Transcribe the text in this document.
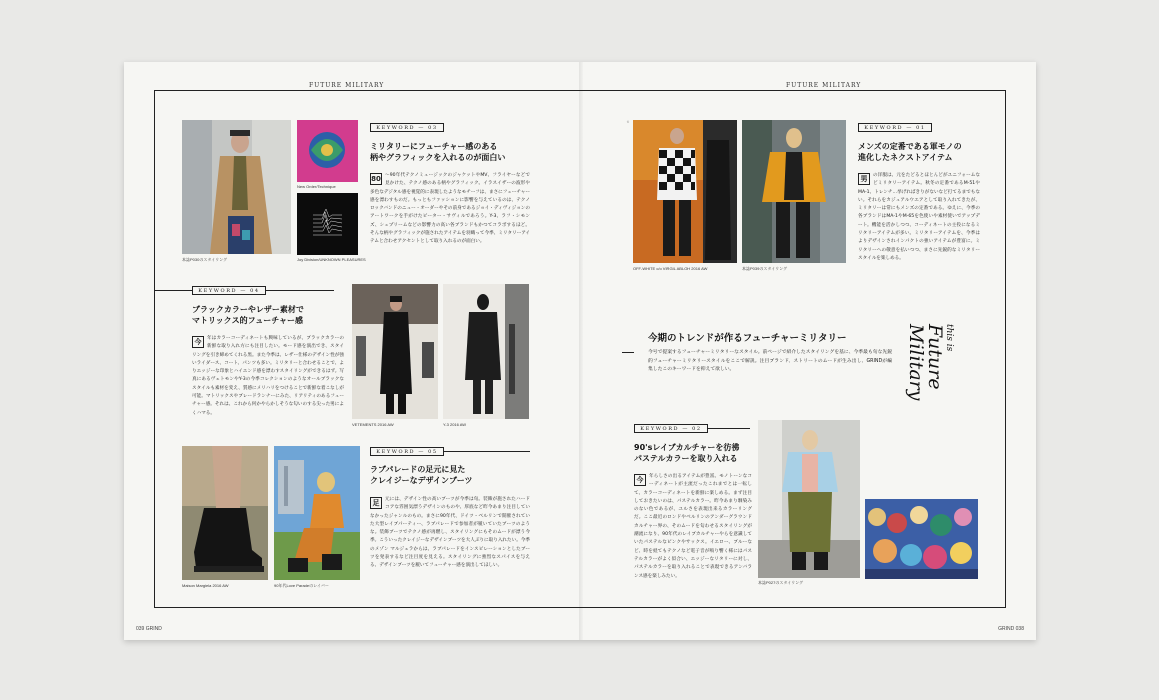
FUTURE MILITARY	FUTURE MILITARY
New Order/Technique
本誌P030のスタイリング	Joy Division/UNKNOWN PLEASURES
KEYWORD — 03
ミリタリーにフューチャー感のある
柄やグラフィックを入れるのが面白い
80 〜90年代テクノミュージックのジャケットやMV、フライヤーなどで見かけた、テクノ感のある柄やグラフィック。イラスイザーの波形や多色なデジタル感を視覚的に表現したようなモチーフは、まさにフューチャー感を漂わすものだ。もっともファッションに影響を与えているのは、テクノロックバンドのニュー・オーダーやその前身であるジョイ・ディヴィジョンのアートワークを手がけたピーター・サヴィルであろう。Y-3、ラフ・シモンズ、シュプリームなどの影響力の高い各ブランドもかつてコラボするほど。そんな柄やグラフィックが施されたアイテムを羽織って今季、ミリタリーアイテムと合わせアクセントとして取り入れるのが面白い。
KEYWORD — 04
ブラックカラーやレザー素材で
マトリックス的フューチャー感
今	年はカラーコーディネートも興味しているが、ブラックカラーの新鮮な取り入れ方にも注目したい。モード感を演出でき、スタイリングを引き締めてくれる黒。また今季は、レザー仕様のデザイン性が強いライダース、コート、パンツも多い。ミリタリーと合わせることで、よりエッジーな印象とハイエンド感を漂わすスタイリングができるはず。写真にあるヴェトモンやY-3の今季コレクションのようなオールブラックなスタイルも素材を変え、質感にメリハリをつけることで新鮮な着こなしが可能。マトリックスやブレードランナーにみた、リアリティのあるフューチャー感。それは、これから何かやらかしそうな匂いのする尖った男によくハマる。
VETEMENTS 2016 AW	Y-3 2016 AW
Maison Margiela 2016 AW	90年代Love Paradeのレイバー
KEYWORD — 05
ラブパレードの足元に見た
クレイジーなデザインブーツ
足	元には、デザイン性の高いブーツが今季は旬。装飾が施されたハードコアな雰囲気漂うデザインのものや、厚底など昨今あまり注目していなかったジャンルのもの。まさに90年代、ドイツ・ベルリンで開催されていた大型レイブパーティー、ラブパレードで参加者が履いていたブーツのような。装飾ブーツでテクノ感が再燃し、スタイリングにもそのムードが漂う今季。こういったクレイジーなデザインブーツを大人ぶりに取り入れたい。今季のメゾン マルジェラからは、ラブパレードをインスピレーションとしたブーツを発表するなど注目度を見える。スタイリングに強烈なスパイスを与える、デザインブーツを履いてフューチャー感を演出してほしい。
©
OFF-WHITE c/o VIRGIL ABLOH 2016 AW	本誌P039のスタイリング
KEYWORD — 01
メンズの定番である軍モノの
進化したネクストアイテム
男	の洋服は、元をたどるとほとんどがユニフォームなどミリタリーアイテム。秋冬の定番であるM-51やMA-1、トレンチ…挙げればきりがないなど打てるまでもない。それらをカジュアルウエアとして取り入れてきたが、ミリタリーは常にもメンズの定番である。ゆえに、今季の各ブランドはMA-1やM-65を色使いや素材使いでアップデート。機能を活かしつつ、コーディネートの主役になるミリタリーアイテムが多い。ミリタリーアイテムを、今季はよりデザインされインパクトの強いアイテムが豊富に。ミリタリーへの敬意を払いつつ、まさに先鋭的なミリタリースタイルを楽しめる。
今期のトレンドが作るフューチャーミリタリー
今号で提案するフューチャーミリタリーなスタイル。前ページで紹介したスタイリングを基に、今季最も旬な先鋭的フューチャーミリタリースタイルをここで解説。注目ブランド、ストリートのムードが生み出し、GRINDが編集したこのキーワードを抑えて欲しい。
this is
Future
Military
KEYWORD — 02
90'sレイブカルチャーを彷彿
パステルカラーを取り入れる
今	年らしさの出るアイテムが豊富。モノトーンなコーディネートが主流だったこれまでとは一転して、カラーコーディネートを新鮮に楽しめる。まず注目しておきたいのは、パステルカラー。昨今あまり馴染みのない色であるが、ユルさを表現出来るカラーリングだ。ここ最近のロンドやベルリンのアンダーグラウンドカルチャー界の、そのムードを匂わせるスタイリングが潮流になり、90年代のレイブカルチャーやらを意識していたパステルなピンクやサックス。イエロー、ブルーなど、時を経てもテクノなど電子音が鳴り響く様にはパステルカラーがよく似合い、エッジーなリタリーに対し、パステルカラーを取り入れることで表現できるアンバランス感を楽しみたい。
本誌P027のスタイリング
039 GRIND	GRIND 038
